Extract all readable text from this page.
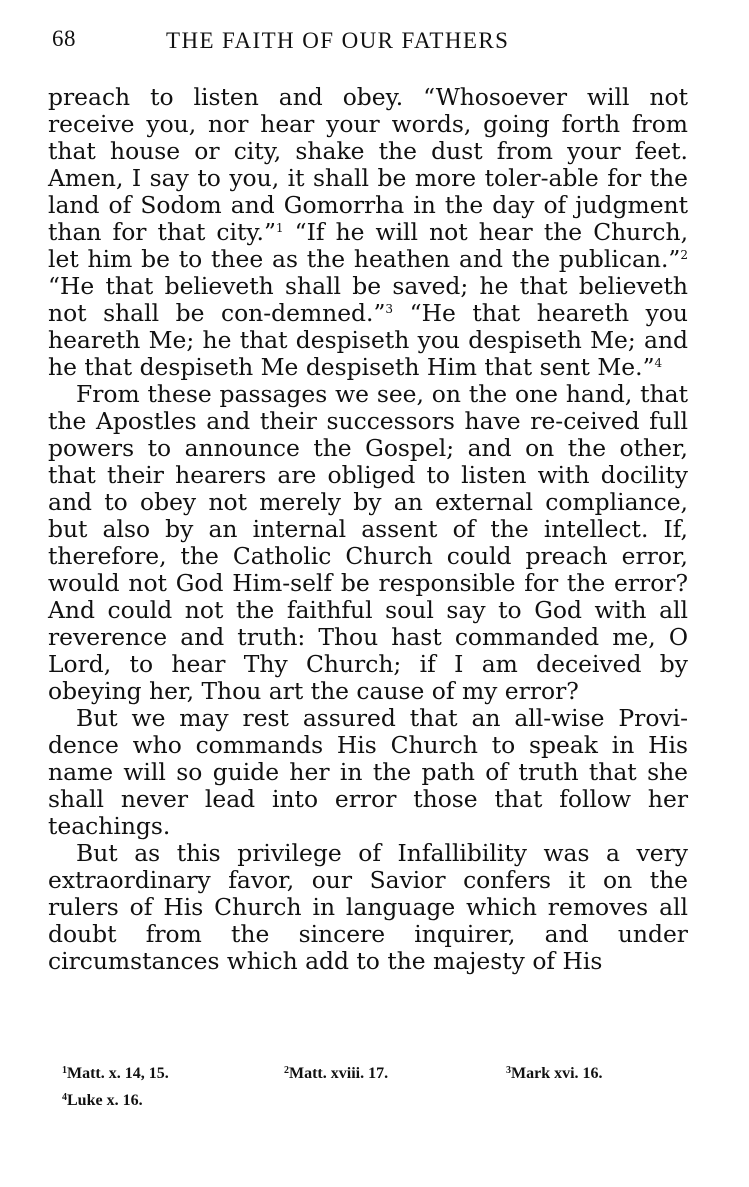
68	THE FAITH OF OUR FATHERS

preach to listen and obey. “Whosoever will not receive you, nor hear your words, going forth from that house or city, shake the dust from your feet. Amen, I say to you, it shall be more toler-able for the land of Sodom and Gomorrha in the day of judgment than for that city.”$^1$ “If he will not hear the Church, let him be to thee as the heathen and the publican.”$^2$ “He that believeth shall be saved; he that believeth not shall be con-demned.”$^3$ “He that heareth you heareth Me; he that despiseth you despiseth Me; and he that despiseth Me despiseth Him that sent Me.”$^4$

From these passages we see, on the one hand, that the Apostles and their successors have re-ceived full powers to announce the Gospel; and on the other, that their hearers are obliged to listen with docility and to obey not merely by an external compliance, but also by an internal assent of the intellect. If, therefore, the Catholic Church could preach error, would not God Him-self be responsible for the error? And could not the faithful soul say to God with all reverence and truth: Thou hast commanded me, O Lord, to hear Thy Church; if I am deceived by obeying her, Thou art the cause of my error?

But we may rest assured that an all-wise Provi-dence who commands His Church to speak in His name will so guide her in the path of truth that she shall never lead into error those that follow her teachings.

But as this privilege of Infallibility was a very extraordinary favor, our Savior confers it on the rulers of His Church in language which removes all doubt from the sincere inquirer, and under circumstances which add to the majesty of His

$^1$Matt. x. 14, 15.	$^2$Matt. xviii. 17.	$^3$Mark xvi. 16.
$^4$Luke x. 16.
